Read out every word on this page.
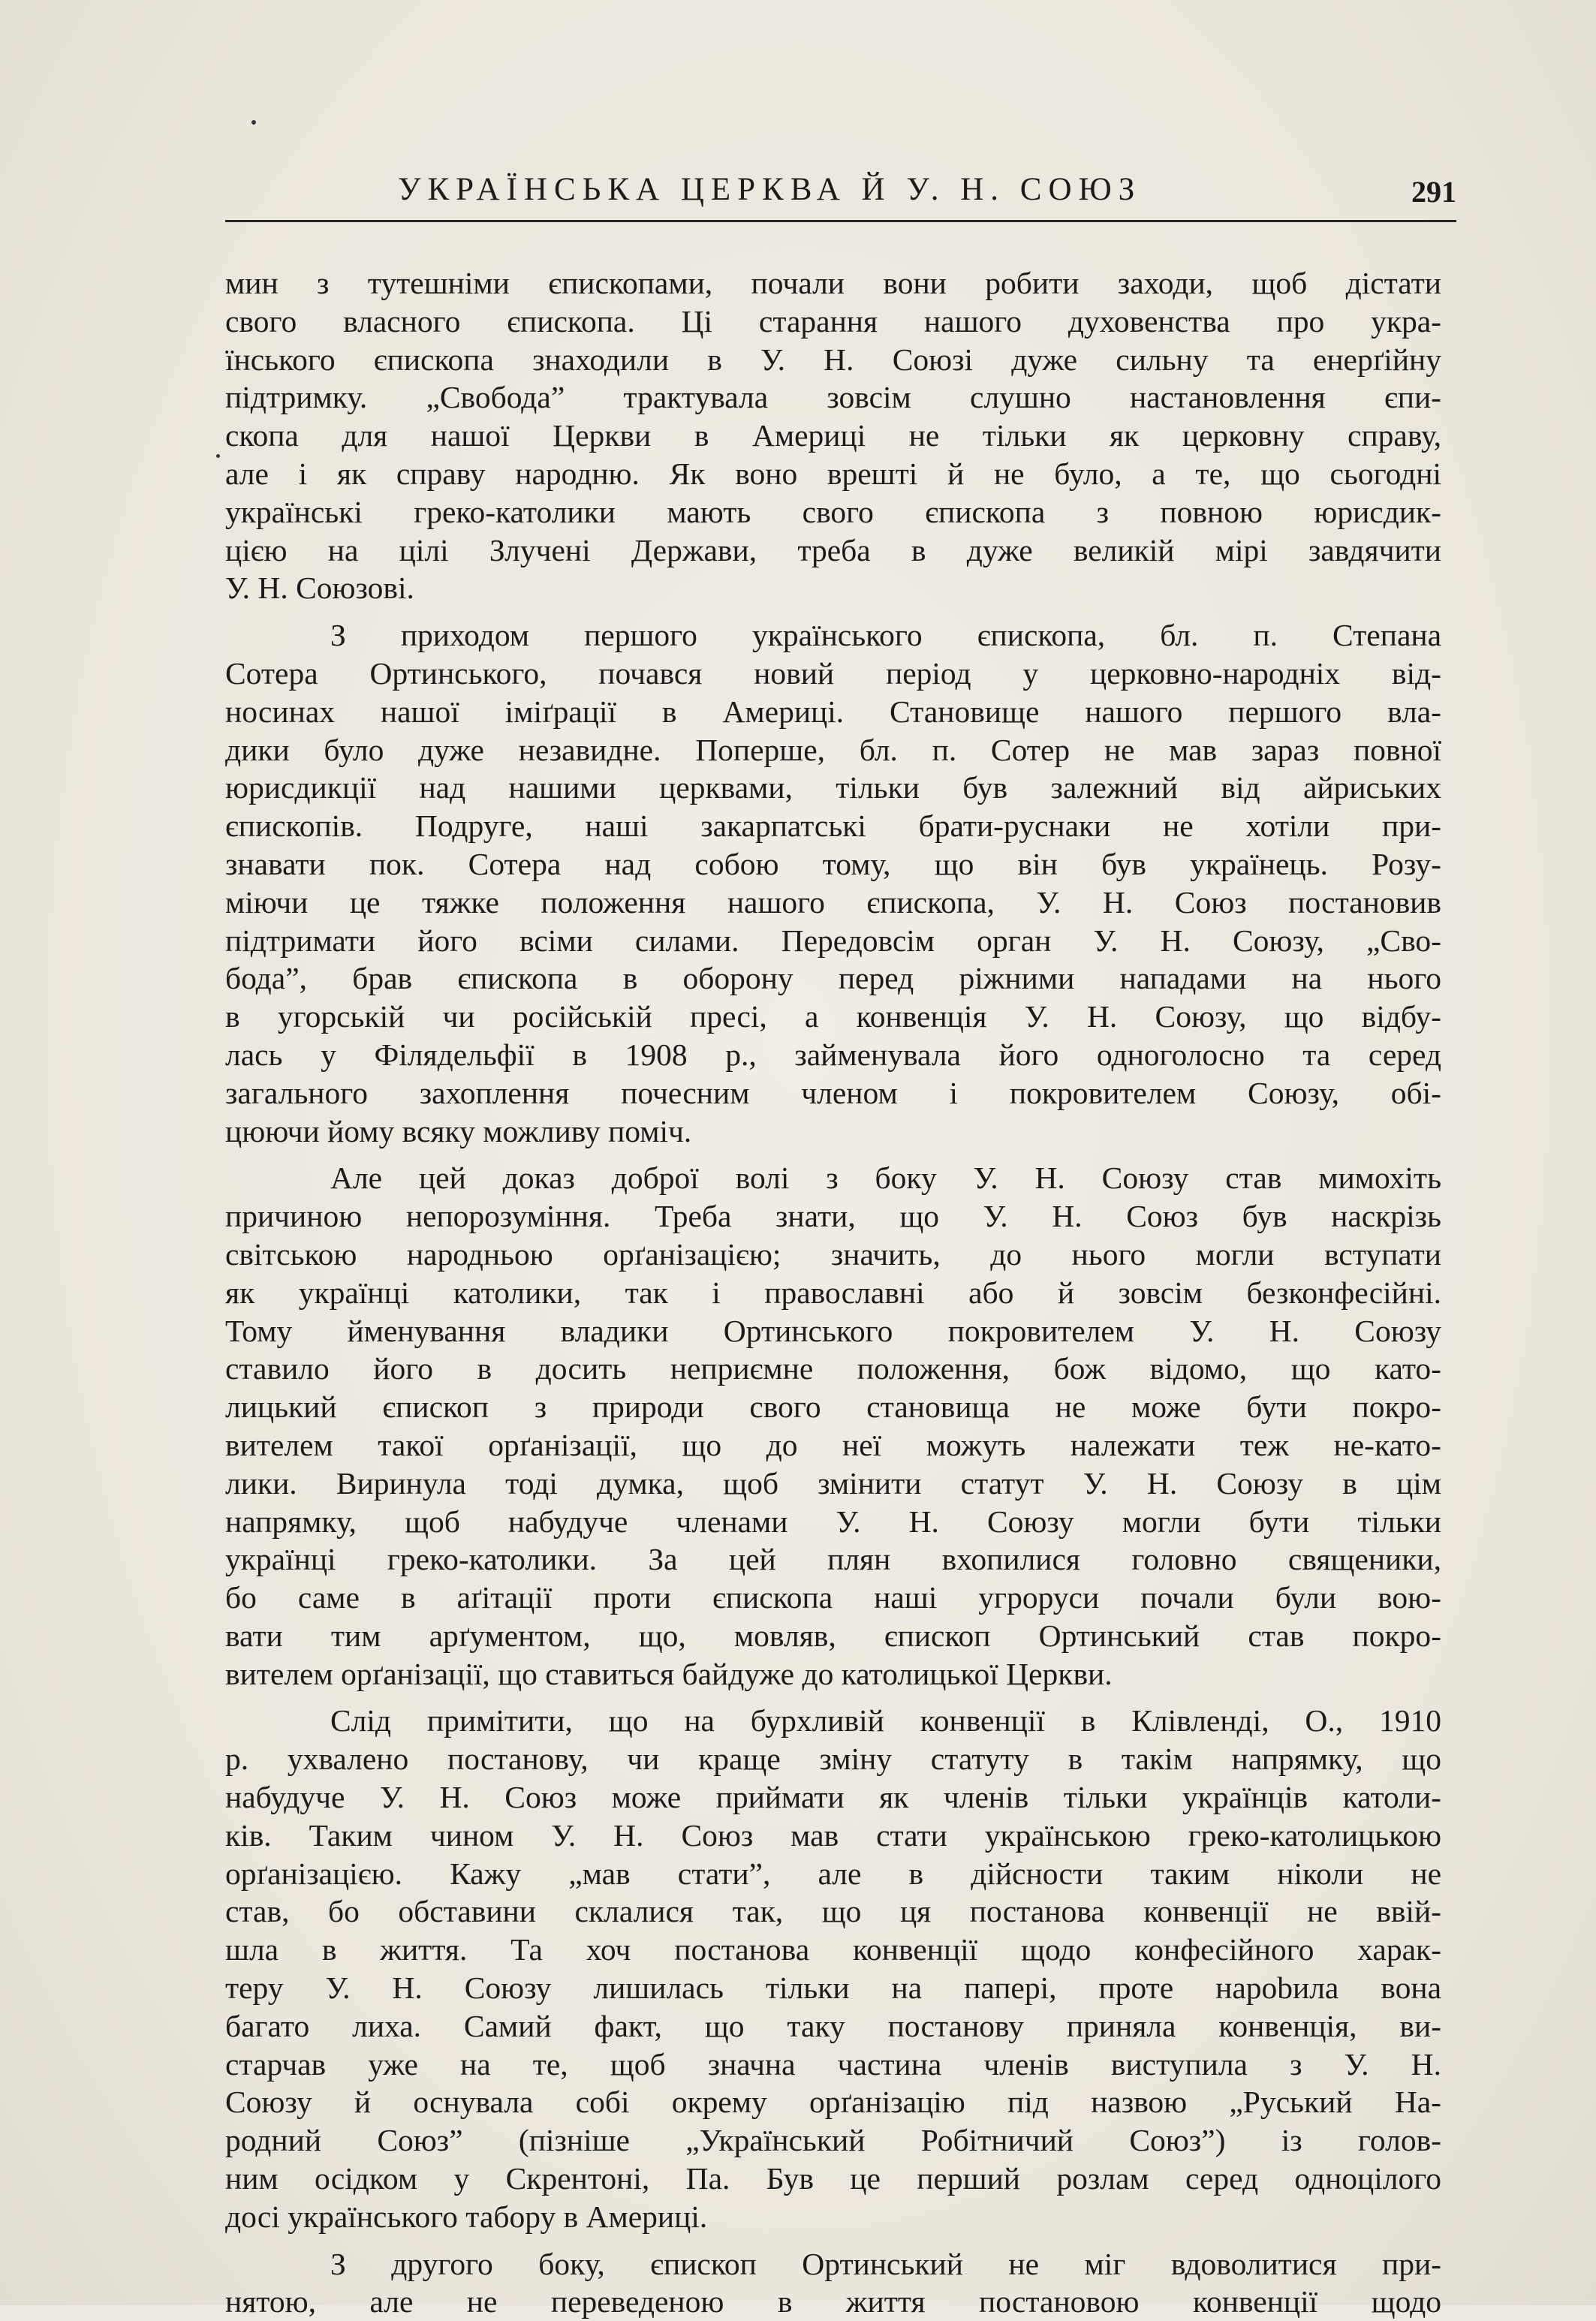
УКРАЇНСЬКА ЦЕРКВА Й У. Н. СОЮЗ	291
мин з тутешніми єпископами, почали вони робити заходи, щоб дістати
свого власного єпископа. Ці старання нашого духовенства про укра-
їнського єпископа знаходили в У. Н. Союзі дуже сильну та енерґійну
підтримку. „Свобода” трактувала зовсім слушно настановлення єпи-
скопа для нашої Церкви в Америці не тільки як церковну справу,
але і як справу народню. Як воно врешті й не було, а те, що сьогодні
українські греко-католики мають свого єпископа з повною юрисдик-
цією на цілі Злучені Держави, треба в дуже великій мірі завдячити
У. Н. Союзові.
З приходом першого українського єпископа, бл. п. Степана
Сотера Ортинського, почався новий період у церковно-народніх від-
носинах нашої іміґрації в Америці. Становище нашого першого вла-
дики було дуже незавидне. Поперше, бл. п. Сотер не мав зараз повної
юрисдикції над нашими церквами, тільки був залежний від айриських
єпископів. Подруге, наші закарпатські брати-руснаки не хотіли при-
знавати пок. Сотера над собою тому, що він був українець. Розу-
міючи це тяжке положення нашого єпископа, У. Н. Союз постановив
підтримати його всіми силами. Передовсім орган У. Н. Союзу, „Сво-
бода”, брав єпископа в оборону перед ріжними нападами на нього
в угорській чи російській пресі, а конвенція У. Н. Союзу, що відбу-
лась у Філядельфії в 1908 р., займенувала його одноголосно та серед
загального захоплення почесним членом і покровителем Союзу, обі-
цюючи йому всяку можливу поміч.
Але цей доказ доброї волі з боку У. Н. Союзу став мимохіть
причиною непорозуміння. Треба знати, що У. Н. Союз був наскрізь
світською народньою орґанізацією; значить, до нього могли вступати
як українці католики, так і православні або й зовсім безконфесійні.
Тому йменування владики Ортинського покровителем У. Н. Союзу
ставило його в досить неприємне положення, бож відомо, що като-
лицький єпископ з природи свого становища не може бути покро-
вителем такої орґанізації, що до неї можуть належати теж не-като-
лики. Виринула тоді думка, щоб змінити статут У. Н. Союзу в цім
напрямку, щоб набудуче членами У. Н. Союзу могли бути тільки
українці греко-католики. За цей плян вхопилися головно священики,
бо саме в аґітації проти єпископа наші угроруси почали були вою-
вати тим арґументом, що, мовляв, єпископ Ортинський став покро-
вителем орґанізації, що ставиться байдуже до католицької Церкви.
Слід примітити, що на бурхливій конвенції в Клівленді, О., 1910
р. ухвалено постанову, чи краще зміну статуту в такім напрямку, що
набудуче У. Н. Союз може приймати як членів тільки українців католи-
ків. Таким чином У. Н. Союз мав стати українською греко-католицькою
орґанізацією. Кажу „мав стати”, але в дійсности таким ніколи не
став, бо обставини склалися так, що ця постанова конвенції не ввій-
шла в життя. Та хоч постанова конвенції щодо конфесійного харак-
теру У. Н. Союзу лишилась тільки на папері, проте нарobила вона
багато лиха. Самий факт, що таку постанову приняла конвенція, ви-
старчав уже на те, щоб значна частина членів виступила з У. Н.
Союзу й оснувала собі окрему орґанізацію під назвою „Руський На-
родний Союз” (пізніше „Український Робітничий Союз”) із голов-
ним осідком у Скрентоні, Па. Був це перший розлам серед одноцілого
досі українського табору в Америці.
З другого боку, єпископ Ортинський не міг вдоволитися при-
нятою, але не переведеною в життя постановою конвенції щодо
